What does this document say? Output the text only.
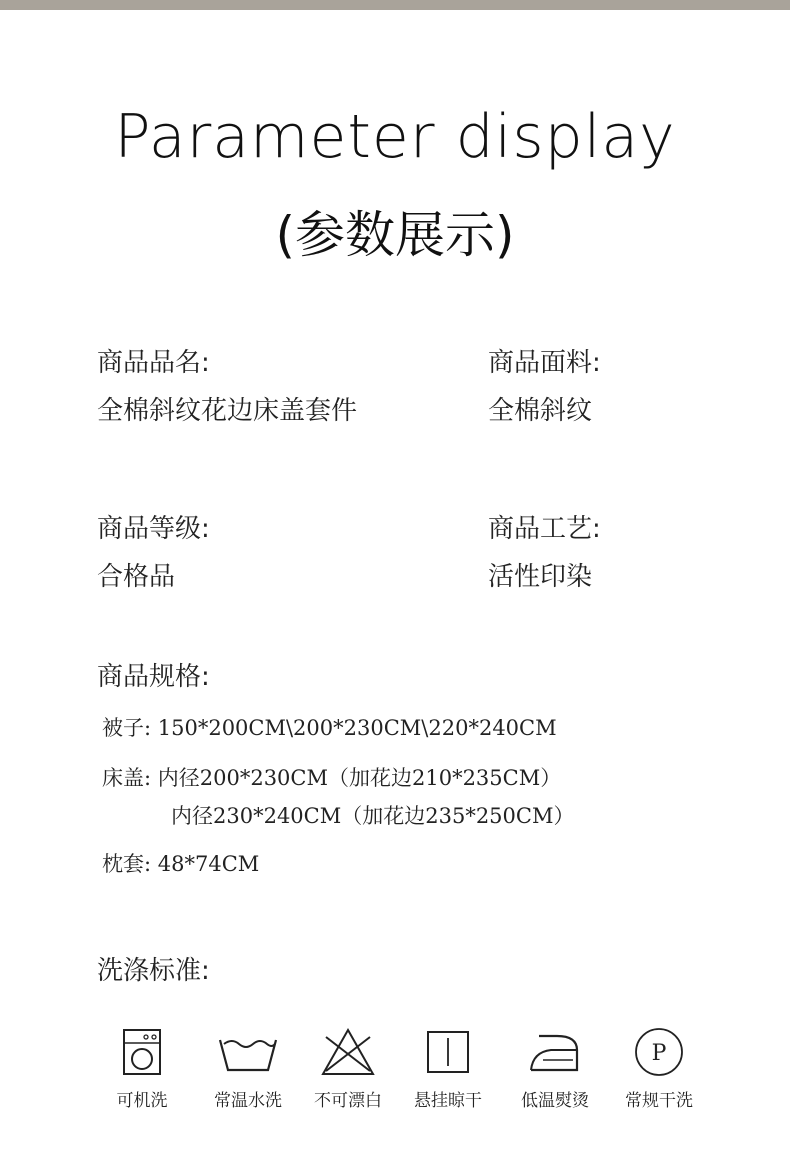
Parameter display
(参数展示)
商品品名:
全棉斜纹花边床盖套件
商品面料:
全棉斜纹
商品等级:
合格品
商品工艺:
活性印染
商品规格:
被子: 150*200CM\200*230CM\220*240CM
床盖: 内径200*230CM（加花边210*235CM）
内径230*240CM（加花边235*250CM）
枕套: 48*74CM
洗涤标准:
可机洗	常温水洗	不可漂白	悬挂晾干	低温熨烫
P
常规干洗
